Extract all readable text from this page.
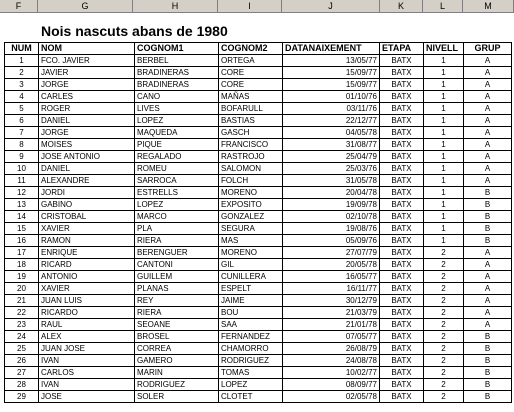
F	G	H	I	J	K	L	M
Nois nascuts abans de 1980
NUM	NOM	COGNOM1	COGNOM2	DATANAIXEMENT	ETAPA	NIVELL	GRUP
1	FCO. JAVIER	BERBEL	ORTEGA	13/05/77	BATX	1	A
2	JAVIER	BRADINERAS	CORE	15/09/77	BATX	1	A
3	JORGE	BRADINERAS	CORE	15/09/77	BATX	1	A
4	CARLES	CANO	MAÑAS	01/10/76	BATX	1	A
5	ROGER	LIVES	BOFARULL	03/11/76	BATX	1	A
6	DANIEL	LOPEZ	BASTIAS	22/12/77	BATX	1	A
7	JORGE	MAQUEDA	GASCH	04/05/78	BATX	1	A
8	MOISES	PIQUE	FRANCISCO	31/08/77	BATX	1	A
9	JOSE ANTONIO	REGALADO	RASTROJO	25/04/79	BATX	1	A
10	DANIEL	ROMEU	SALOMON	25/03/76	BATX	1	A
11	ALEXANDRE	SARROCA	FOLCH	31/05/78	BATX	1	A
12	JORDI	ESTRELLS	MORENO	20/04/78	BATX	1	B
13	GABINO	LOPEZ	EXPOSITO	19/09/78	BATX	1	B
14	CRISTOBAL	MARCO	GONZALEZ	02/10/78	BATX	1	B
15	XAVIER	PLA	SEGURA	19/08/76	BATX	1	B
16	RAMON	RIERA	MAS	05/09/76	BATX	1	B
17	ENRIQUE	BERENGUER	MORENO	27/07/79	BATX	2	A
18	RICARD	CANTONI	GIL	20/05/78	BATX	2	A
19	ANTONIO	GUILLEM	CUNILLERA	16/05/77	BATX	2	A
20	XAVIER	PLANAS	ESPELT	16/11/77	BATX	2	A
21	JUAN LUIS	REY	JAIME	30/12/79	BATX	2	A
22	RICARDO	RIERA	BOU	21/03/79	BATX	2	A
23	RAUL	SEOANE	SAA	21/01/78	BATX	2	A
24	ALEX	BROSEL	FERNANDEZ	07/05/77	BATX	2	B
25	JUAN JOSE	CORREA	CHAMORRO	26/08/79	BATX	2	B
26	IVAN	GAMERO	RODRIGUEZ	24/08/78	BATX	2	B
27	CARLOS	MARIN	TOMAS	10/02/77	BATX	2	B
28	IVAN	RODRIGUEZ	LOPEZ	08/09/77	BATX	2	B
29	JOSE	SOLER	CLOTET	02/05/78	BATX	2	B
